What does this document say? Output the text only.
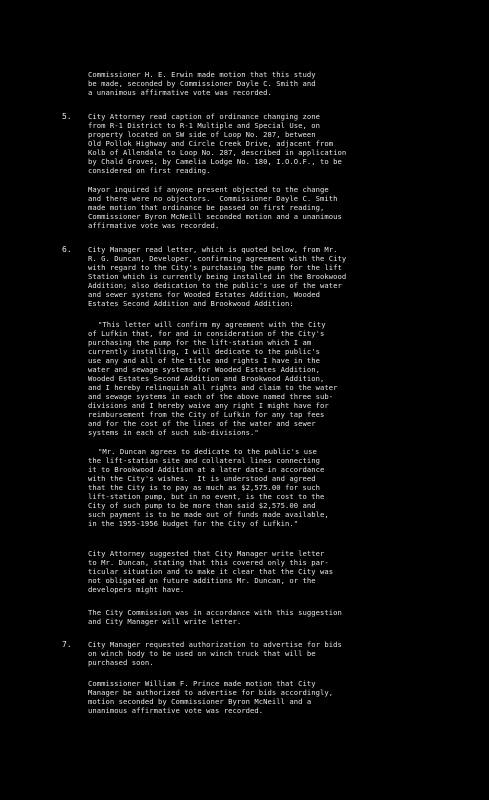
Commissioner H. E. Erwin made motion that this study
be made, seconded by Commissioner Dayle C. Smith and
a unanimous affirmative vote was recorded.
5. City Attorney read caption of ordinance changing zone
from R-1 District to R-1 Multiple and Special Use, on
property located on SW side of Loop No. 287, between
Old Pollok Highway and Circle Creek Drive, adjacent from
Kolb of Allendale to Loop No. 287, described in application
by Chald Groves, by Camelia Lodge No. 180, I.O.O.F., to be
considered on first reading.
Mayor inquired if anyone present objected to the change
and there were no objectors.  Commissioner Dayle C. Smith
made motion that ordinance be passed on first reading,
Commissioner Byron McNeill seconded motion and a unanimous
affirmative vote was recorded.
6. City Manager read letter, which is quoted below, from Mr.
R. G. Duncan, Developer, confirming agreement with the City
with regard to the City's purchasing the pump for the lift
Station which is currently being installed in the Brookwood
Addition; also dedication to the public's use of the water
and sewer systems for Wooded Estates Addition, Wooded
Estates Second Addition and Brookwood Addition:
"This letter will confirm my agreement with the City
of Lufkin that, for and in consideration of the City's
purchasing the pump for the lift-station which I am
currently installing, I will dedicate to the public's
use any and all of the title and rights I have in the
water and sewage systems for Wooded Estates Addition,
Wooded Estates Second Addition and Brookwood Addition,
and I hereby relinquish all rights and claim to the water
and sewage systems in each of the above named three sub-
divisions and I hereby waive any right I might have for
reimbursement from the City of Lufkin for any tap fees
and for the cost of the lines of the water and sewer
systems in each of such sub-divisions."
"Mr. Duncan agrees to dedicate to the public's use
the lift-station site and collateral lines connecting
it to Brookwood Addition at a later date in accordance
with the City's wishes.  It is understood and agreed
that the City is to pay as much as $2,575.00 for such
lift-station pump, but in no event, is the cost to the
City of such pump to be more than said $2,575.00 and
such payment is to be made out of funds made available,
in the 1955-1956 budget for the City of Lufkin."
City Attorney suggested that City Manager write letter
to Mr. Duncan, stating that this covered only this par-
ticular situation and to make it clear that the City was
not obligated on future additions Mr. Duncan, or the
developers might have.
The City Commission was in accordance with this suggestion
and City Manager will write letter.
7. City Manager requested authorization to advertise for bids
on winch body to be used on winch truck that will be
purchased soon.
Commissioner William F. Prince made motion that City
Manager be authorized to advertise for bids accordingly,
motion seconded by Commissioner Byron McNeill and a
unanimous affirmative vote was recorded.
